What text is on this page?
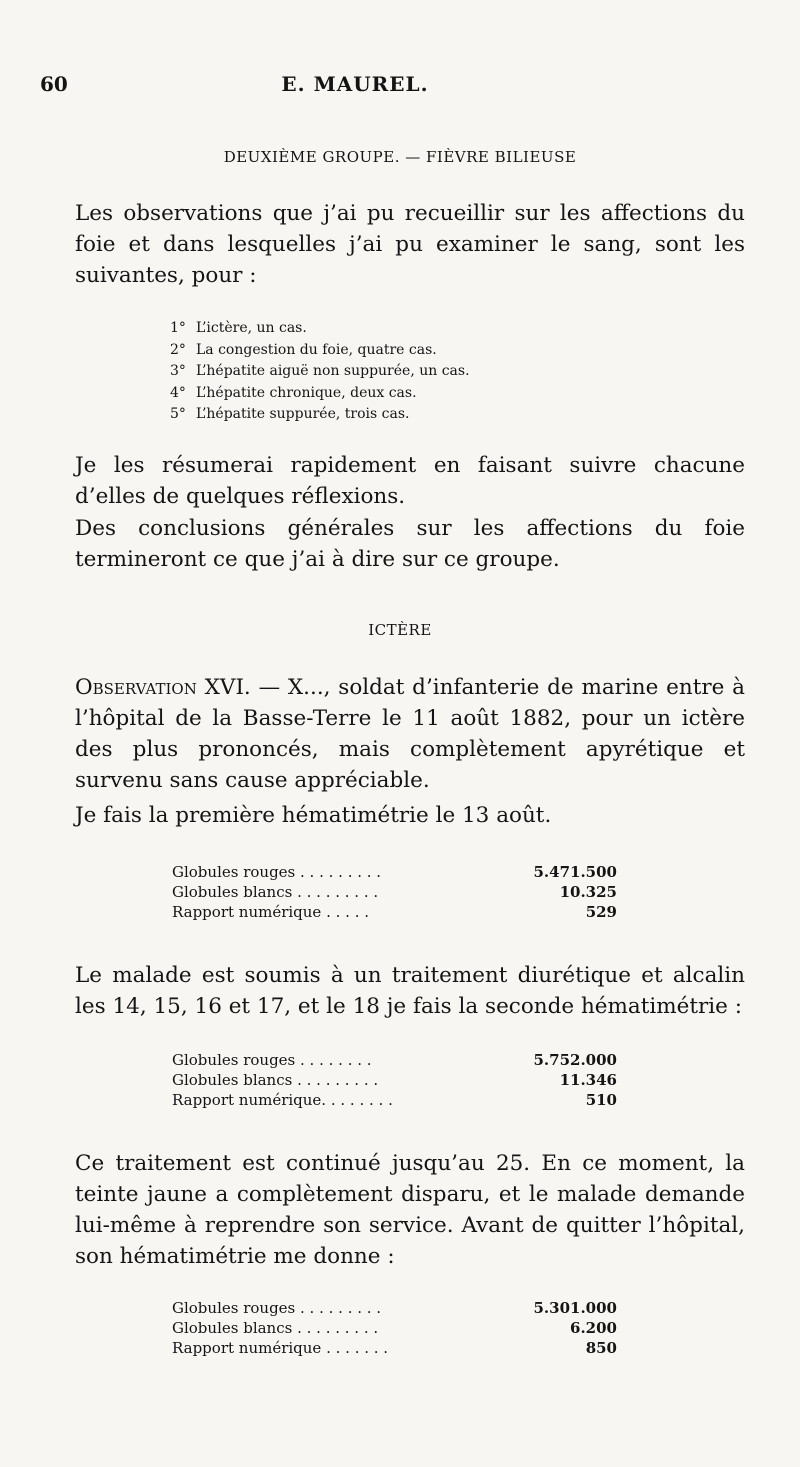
60	E. MAUREL.
DEUXIÈME GROUPE. — FIÈVRE BILIEUSE
Les observations que j’ai pu recueillir sur les affections du foie et dans lesquelles j’ai pu examiner le sang, sont les suivantes, pour :
1° L’ictère, un cas.
2° La congestion du foie, quatre cas.
3° L’hépatite aiguë non suppurée, un cas.
4° L’hépatite chronique, deux cas.
5° L’hépatite suppurée, trois cas.
Je les résumerai rapidement en faisant suivre chacune d’elles de quelques réflexions.
Des conclusions générales sur les affections du foie termineront ce que j’ai à dire sur ce groupe.
ICTÈRE
Observation XVI. — X..., soldat d’infanterie de marine entre à l’hôpital de la Basse-Terre le 11 août 1882, pour un ictère des plus prononcés, mais complètement apyrétique et survenu sans cause appréciable.
Je fais la première hématimétrie le 13 août.
Globules rouges . . . . . . . . .	5.471.500
Globules blancs . . . . . . . . .	10.325
Rapport numérique . . . . .	529
Le malade est soumis à un traitement diurétique et alcalin les 14, 15, 16 et 17, et le 18 je fais la seconde hématimétrie :
Globules rouges . . . . . . . .	5.752.000
Globules blancs . . . . . . . . .	11.346
Rapport numérique. . . . . . . .	510
Ce traitement est continué jusqu’au 25. En ce moment, la teinte jaune a complètement disparu, et le malade demande lui-même à reprendre son service. Avant de quitter l’hôpital, son hématimétrie me donne :
Globules rouges . . . . . . . . .	5.301.000
Globules blancs . . . . . . . . .	6.200
Rapport numérique . . . . . . .	850
